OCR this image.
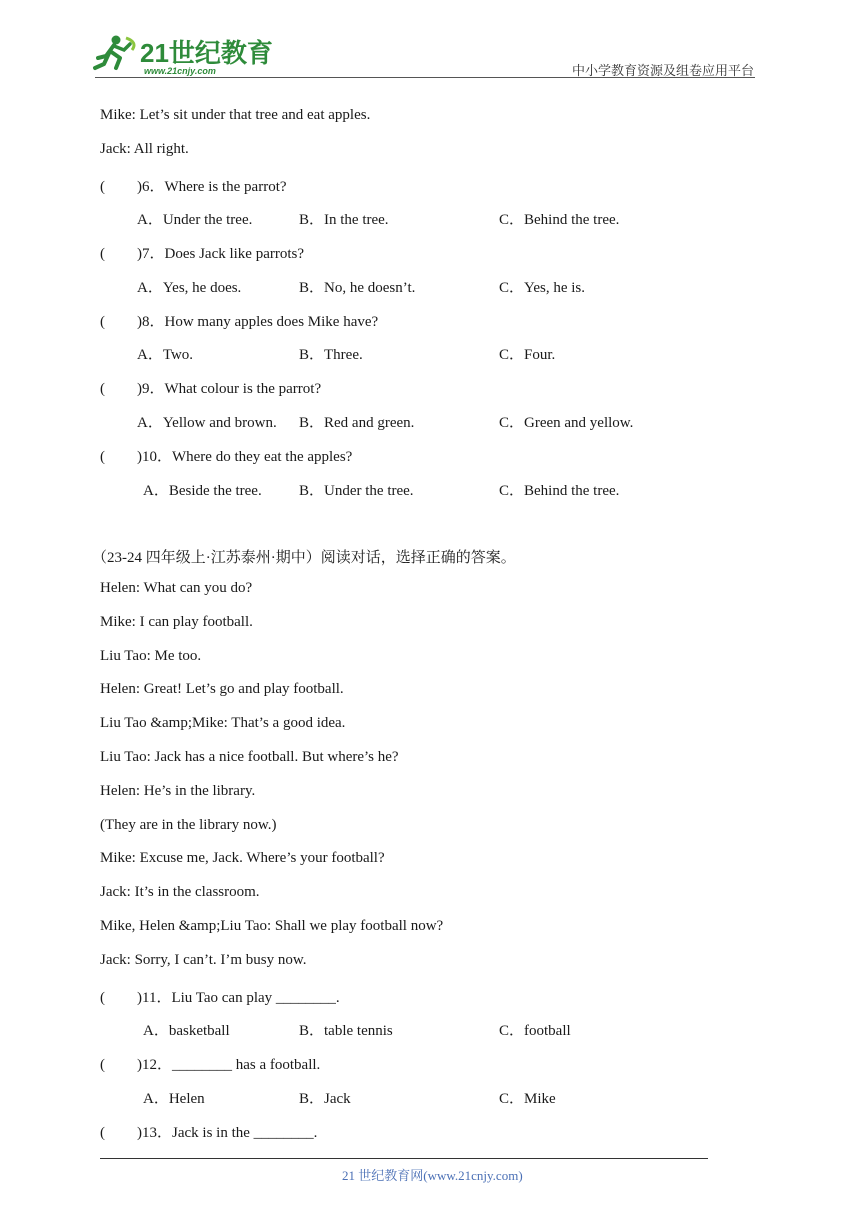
21世纪教育
www.21cnjy.com	中小学教育资源及组卷应用平台
Mike: Let’s sit under that tree and eat apples.
Jack: All right.
( )6．Where is the parrot?
A．Under the tree.	B．In the tree.	C．Behind the tree.
( )7．Does Jack like parrots?
A．Yes, he does.	B．No, he doesn’t.	C．Yes, he is.
( )8．How many apples does Mike have?
A．Two.	B．Three.	C．Four.
( )9．What colour is the parrot?
A．Yellow and brown. B．Red and green.	C．Green and yellow.
( )10．Where do they eat the apples?
A．Beside the tree. B．Under the tree.	C．Behind the tree.
（23-24 四年级上·江苏泰州·期中）阅读对话，选择正确的答案。
Helen: What can you do?
Mike: I can play football.
Liu Tao: Me too.
Helen: Great! Let’s go and play football.
Liu Tao &amp;Mike: That’s a good idea.
Liu Tao: Jack has a nice football. But where’s he?
Helen: He’s in the library.
(They are in the library now.)
Mike: Excuse me, Jack. Where’s your football?
Jack: It’s in the classroom.
Mike, Helen &amp;Liu Tao: Shall we play football now?
Jack: Sorry, I can’t. I’m busy now.
( )11．Liu Tao can play ________.
A．basketball	B．table tennis	C．football
( )12．________ has a football.
A．Helen	B．Jack	C．Mike
( )13．Jack is in the ________.
21 世纪教育网(www.21cnjy.com)
